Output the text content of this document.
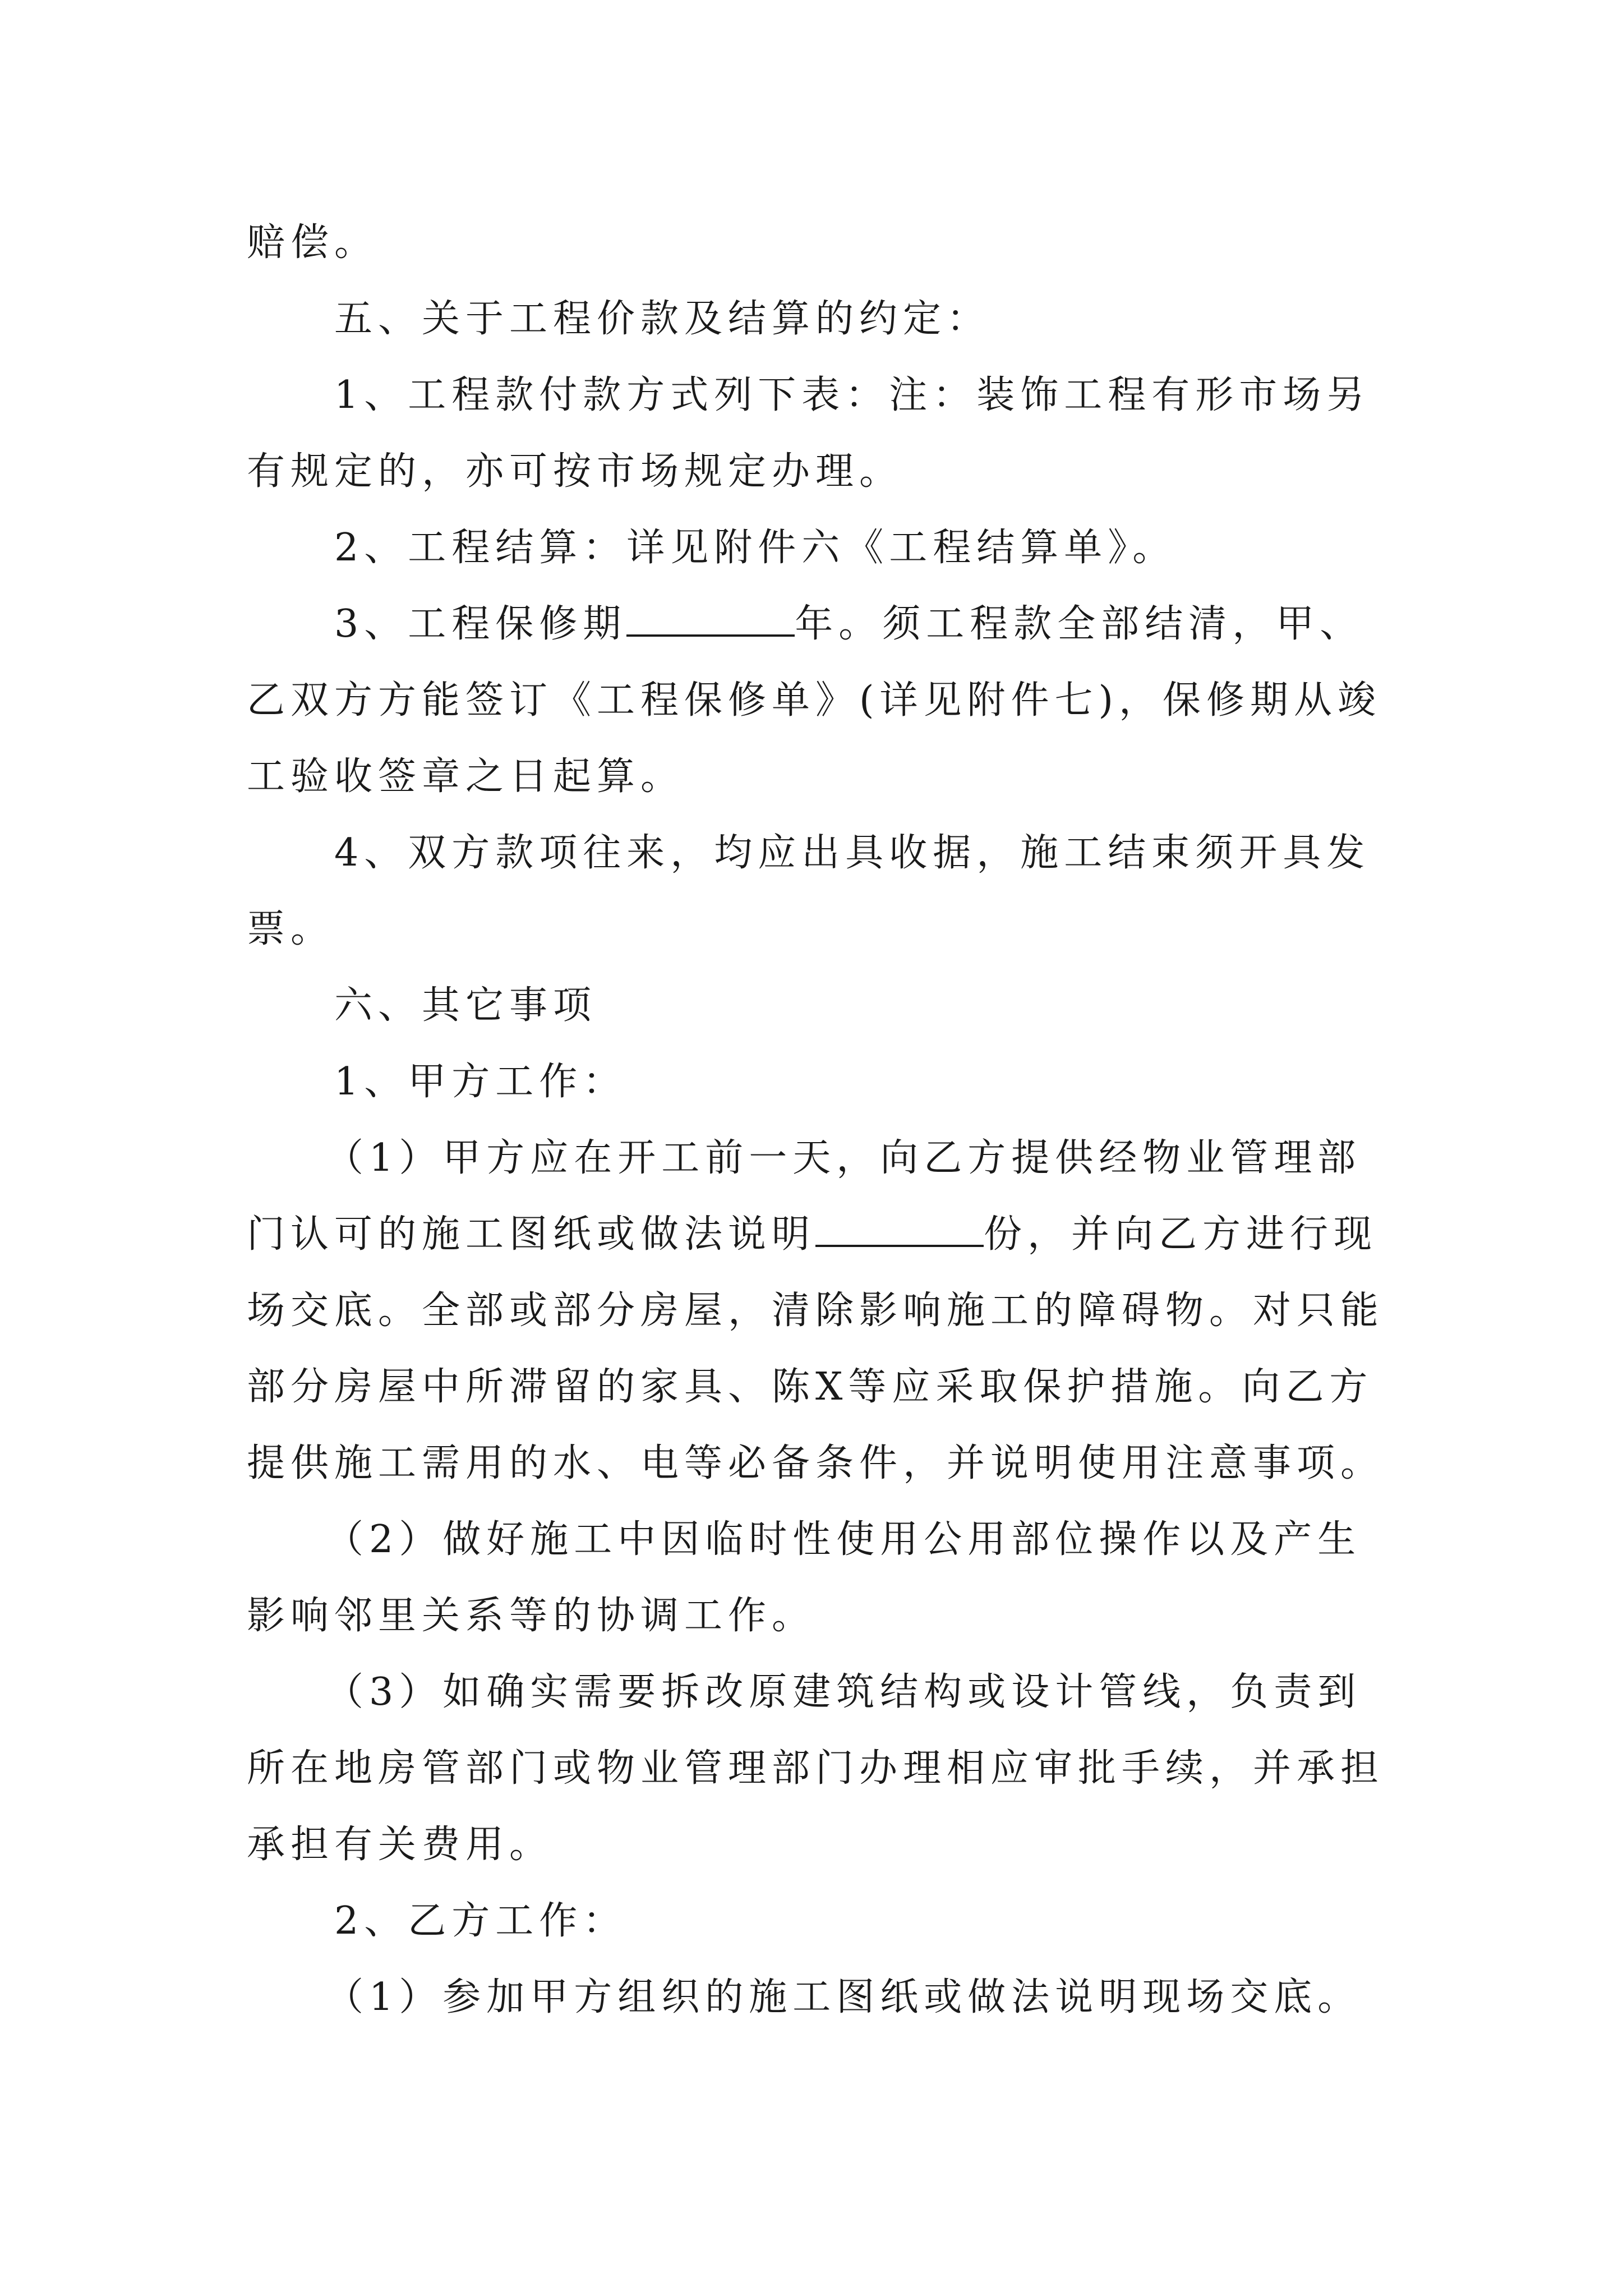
赔偿。
五、关于工程价款及结算的约定：
1、工程款付款方式列下表：注：装饰工程有形市场另
有规定的，亦可按市场规定办理。
2、工程结算：详见附件六《工程结算单》。
3、工程保修期	年。须工程款全部结清，甲、
乙双方方能签订《工程保修单》(详见附件七)，保修期从竣
工验收签章之日起算。
4、双方款项往来，均应出具收据，施工结束须开具发
票。
六、其它事项
1、甲方工作：
（1）甲方应在开工前一天，向乙方提供经物业管理部
门认可的施工图纸或做法说明	份，并向乙方进行现
场交底。全部或部分房屋，清除影响施工的障碍物。对只能
部分房屋中所滞留的家具、陈X等应采取保护措施。向乙方
提供施工需用的水、电等必备条件，并说明使用注意事项。
（2）做好施工中因临时性使用公用部位操作以及产生
影响邻里关系等的协调工作。
（3）如确实需要拆改原建筑结构或设计管线，负责到
所在地房管部门或物业管理部门办理相应审批手续，并承担
承担有关费用。
2、乙方工作：
（1）参加甲方组织的施工图纸或做法说明现场交底。
